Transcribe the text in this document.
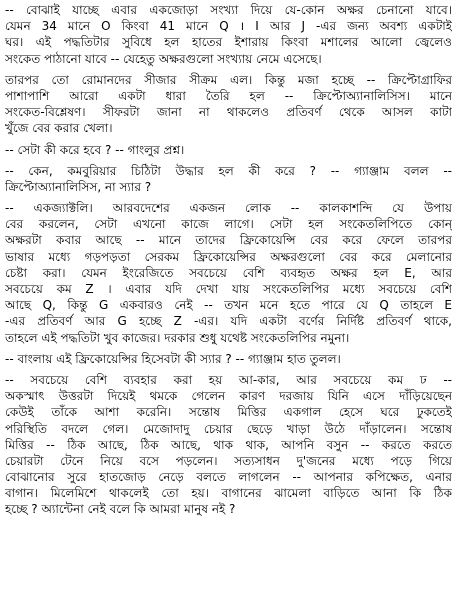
-- বোঝাই যাচ্ছে এবার একজোড়া সংখ্যা দিয়ে যে-কোন অক্ষর চেনানো যাবে।
যেমন 34 মানে O কিংবা 41 মানে Q । I আর J -এর জন্য অবশ্য একটাই
ঘর। এই পদ্ধতিটার সুবিধে হল হাতের ইশারায় কিংবা মশালের আলো জ্বেলেও
সংকেত পাঠানো যাবে -- যেহেতু অক্ষরগুলো সংখ্যায় নেমে এসেছে।
তারপর তো রোমানদের সীজার সীক্রম এল। কিন্তু মজা হচ্ছে -- ক্রিপ্টোগ্রাফির
পাশাপাশি আরো একটা ধারা তৈরি হল -- ক্রিপ্টোঅ্যানালিসিস। মানে
সংকেত-বিশ্লেষণ। সীফরটা জানা না থাকলেও প্রতিবর্ণ থেকে আসল কাটা
খুঁজে বের করার খেলা।
-- সেটা কী করে হবে ? -- গাংলুর প্রশ্ন।
-- কেন, কমবুরিয়ার চিঠিটা উদ্ধার হল কী করে ? -- গ্যাঞ্জাম বলল --
ক্রিপ্টোঅ্যানালিসিস, না স্যার ?
-- একজ্যাক্টলি। আরবদেশের একজন লোক -- কালকাশন্দি যে উপায়
বের করলেন, সেটা এখনো কাজে লাগে। সেটা হল সংকেতলিপিতে কোন্
অক্ষরটা কবার আছে -- মানে তাদের ফ্রিকোয়েন্সি বের করে ফেলে তারপর
ভাষার মধ্যে গড়পড়তা সেরকম ফ্রিকোয়েন্সির অক্ষরগুলো বের করে মেলানোর
চেষ্টা করা। যেমন ইংরেজিতে সবচেয়ে বেশি ব্যবহৃত অক্ষর হল E, আর
সবচেয়ে কম Z । এবার যদি দেখা যায় সংকেতলিপির মধ্যে সবচেয়ে বেশি
আছে Q, কিন্তু G একবারও নেই -- তখন মনে হতে পারে যে Q তাহলে E
-এর প্রতিবর্ণ আর G হচ্ছে Z -এর। যদি একটা বর্ণের নির্দিষ্ট প্রতিবর্ণ থাকে,
তাহলে এই পদ্ধতিটা খুব কাজের। দরকার শুধু যথেষ্ট সংকেতলিপির নমুনা।
-- বাংলায় এই ফ্রিকোয়েন্সির হিসেবটা কী স্যার ? -- গ্যাঞ্জাম হাত তুলল।
-- সবচেয়ে বেশি ব্যবহার করা হয় আ-কার, আর সবচেয়ে কম ঢ --
অকস্মাৎ উত্তরটা দিয়েই থমকে গেলেন কারণ দরজায় যিনি এসে দাঁড়িয়েছেন
কেউই তাঁকে আশা করেনি। সন্তোষ মিত্তির একগাল হেসে ঘরে ঢুকতেই
পরিস্থিতি বদলে গেল। মেজোদাদু চেয়ার ছেড়ে খাড়া উঠে দাঁড়ালেন। সন্তোষ
মিত্তির -- ঠিক আছে, ঠিক আছে, থাক থাক, আপনি বসুন -- করতে করতে
চেয়ারটা টেনে নিয়ে বসে পড়লেন। সত্যসাধন দু'জনের মধ্যে পড়ে গিয়ে
বোঝানোর সুরে হাতজোড় নেড়ে বলতে লাগলেন -- আপনার কপিক্ষেত, এনার
বাগান। মিলেমিশে থাকলেই তো হয়। বাগানের ঝামেলা বাড়িতে আনা কি ঠিক
হচ্ছে ? অ্যান্টেনা নেই বলে কি আমরা মানুষ নই ?
